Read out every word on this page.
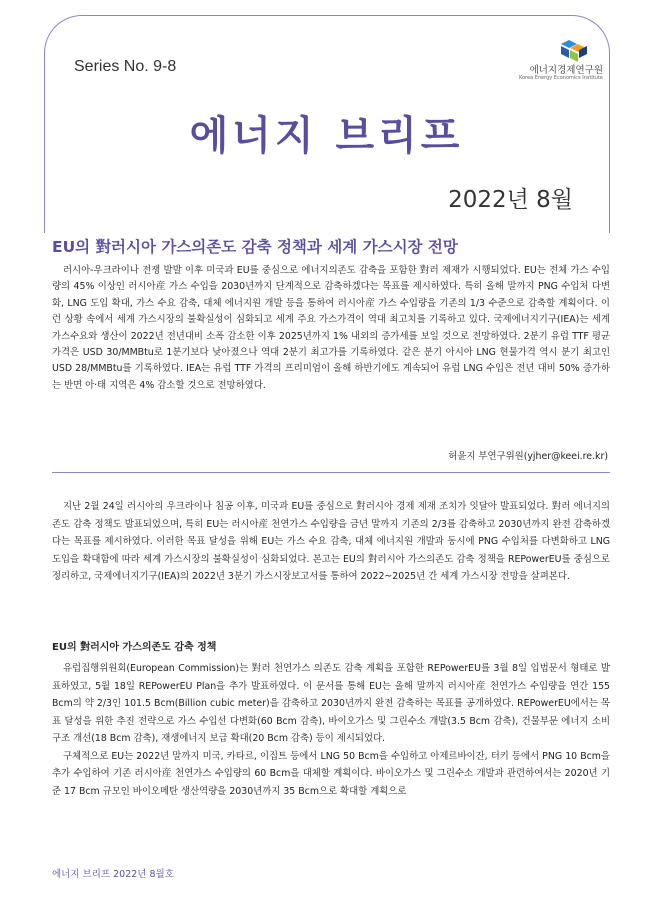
Series No. 9-8	에너지경제연구원
Korea Energy Economics Institute
에너지 브리프
2022년 8월
EU의 對러시아 가스의존도 감축 정책과 세계 가스시장 전망

러시아-우크라이나 전쟁 발발 이후 미국과 EU를 중심으로 에너지의존도 감축을 포함한 對러 제재가 시행되었다. EU는 전체 가스 수입량의 45% 이상인 러시아産 가스 수입을 2030년까지 단계적으로 감축하겠다는 목표를 제시하였다. 특히 올해 말까지 PNG 수입처 다변화, LNG 도입 확대, 가스 수요 감축, 대체 에너지원 개발 등을 통하여 러시아産 가스 수입량을 기존의 1/3 수준으로 감축할 계획이다. 이런 상황 속에서 세계 가스시장의 불확실성이 심화되고 세계 주요 가스가격이 역대 최고치를 기록하고 있다. 국제에너지기구(IEA)는 세계 가스수요와 생산이 2022년 전년대비 소폭 감소한 이후 2025년까지 1% 내외의 증가세를 보일 것으로 전망하였다. 2분기 유럽 TTF 평균 가격은 USD 30/MMBtu로 1분기보다 낮아졌으나 역대 2분기 최고가를 기록하였다. 같은 분기 아시아 LNG 현물가격 역시 분기 최고인 USD 28/MMBtu를 기록하였다. IEA는 유럽 TTF 가격의 프리미엄이 올해 하반기에도 계속되어 유럽 LNG 수입은 전년 대비 50% 증가하는 반면 아·태 지역은 4% 감소할 것으로 전망하였다.

허윤지 부연구위원(yjher@keei.re.kr)

지난 2월 24일 러시아의 우크라이나 침공 이후, 미국과 EU를 중심으로 對러시아 경제 제재 조치가 잇달아 발표되었다. 對러 에너지의존도 감축 정책도 발표되었으며, 특히 EU는 러시아産 천연가스 수입량을 금년 말까지 기존의 2/3를 감축하고 2030년까지 완전 감축하겠다는 목표를 제시하였다. 이러한 목표 달성을 위해 EU는 가스 수요 감축, 대체 에너지원 개발과 동시에 PNG 수입처를 다변화하고 LNG 도입을 확대함에 따라 세계 가스시장의 불확실성이 심화되었다. 본고는 EU의 對러시아 가스의존도 감축 정책을 REPowerEU를 중심으로 정리하고, 국제에너지기구(IEA)의 2022년 3분기 가스시장보고서를 통하여 2022~2025년 간 세계 가스시장 전망을 살펴본다.

EU의 對러시아 가스의존도 감축 정책

유럽집행위원회(European Commission)는 對러 천연가스 의존도 감축 계획을 포함한 REPowerEU를 3월 8일 입법문서 형태로 발표하였고, 5월 18일 REPowerEU Plan을 추가 발표하였다. 이 문서를 통해 EU는 올해 말까지 러시아産 천연가스 수입량을 연간 155 Bcm의 약 2/3인 101.5 Bcm(Billion cubic meter)을 감축하고 2030년까지 완전 감축하는 목표를 공개하였다. REPowerEU에서는 목표 달성을 위한 추진 전략으로 가스 수입선 다변화(60 Bcm 감축), 바이오가스 및 그린수소 개발(3.5 Bcm 감축), 건물부문 에너지 소비구조 개선(18 Bcm 감축), 재생에너지 보급 확대(20 Bcm 감축) 등이 제시되었다.

구체적으로 EU는 2022년 말까지 미국, 카타르, 이집트 등에서 LNG 50 Bcm을 수입하고 아제르바이잔, 터키 등에서 PNG 10 Bcm을 추가 수입하여 기존 러시아産 천연가스 수입량의 60 Bcm을 대체할 계획이다. 바이오가스 및 그린수소 개발과 관련하여서는 2020년 기준 17 Bcm 규모인 바이오메탄 생산역량을 2030년까지 35 Bcm으로 확대할 계획으로

에너지 브리프 2022년 8월호
